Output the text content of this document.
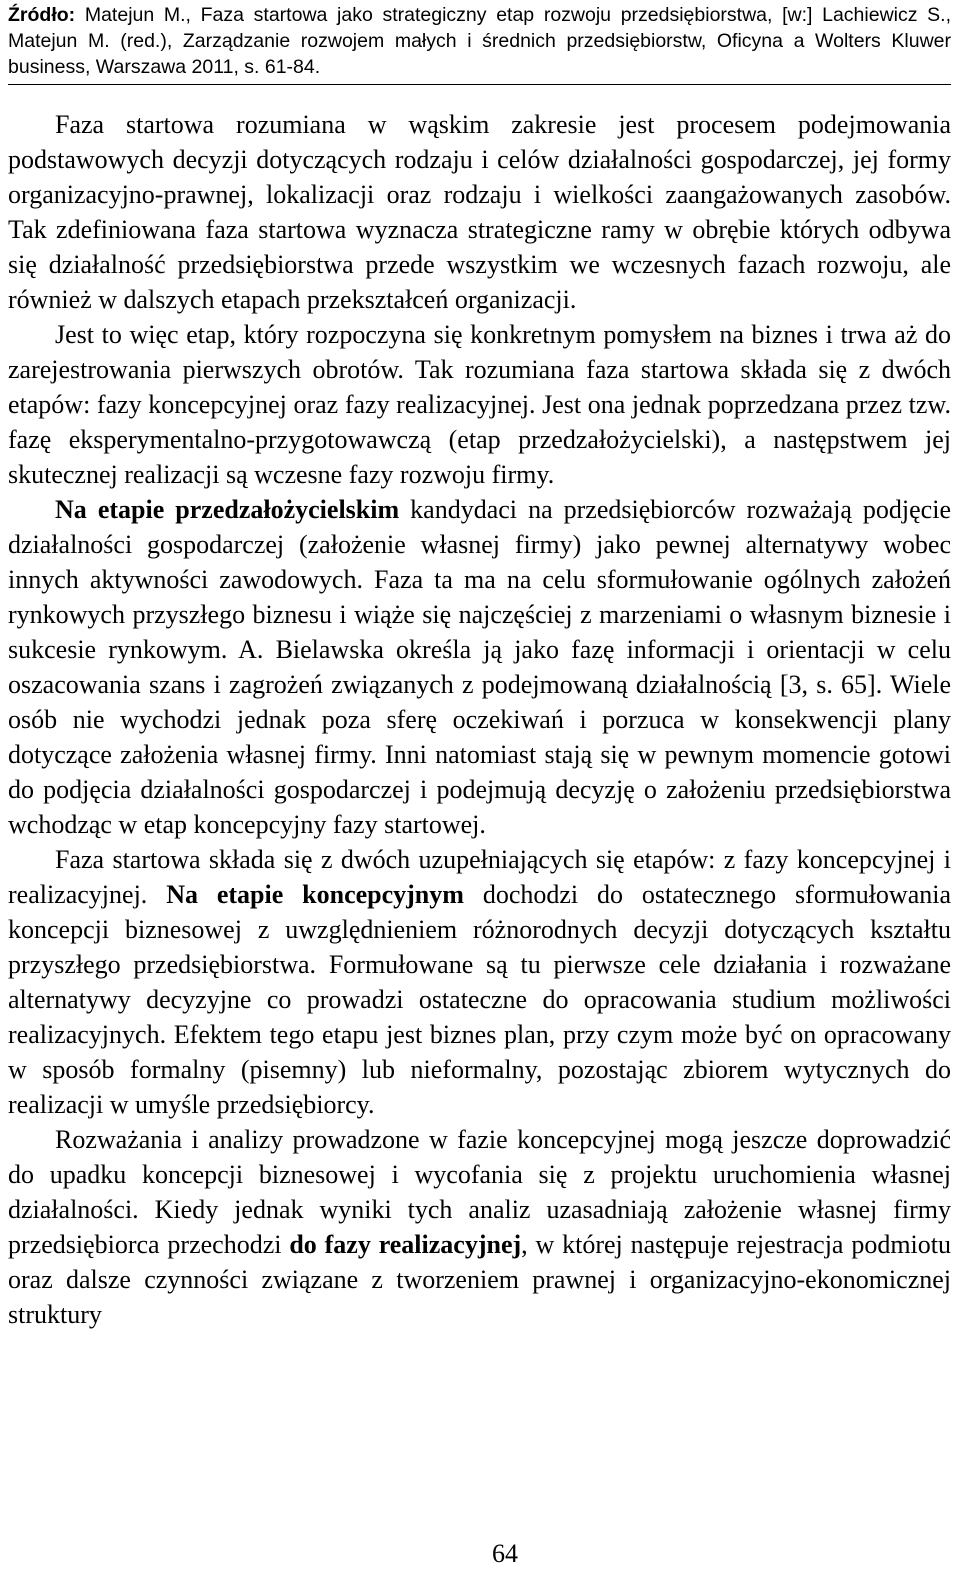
Źródło: Matejun M., Faza startowa jako strategiczny etap rozwoju przedsiębiorstwa, [w:] Lachiewicz S., Matejun M. (red.), Zarządzanie rozwojem małych i średnich przedsiębiorstw, Oficyna a Wolters Kluwer business, Warszawa 2011, s. 61-84.

Faza startowa rozumiana w wąskim zakresie jest procesem podejmowania podstawowych decyzji dotyczących rodzaju i celów działalności gospodarczej, jej formy organizacyjno-prawnej, lokalizacji oraz rodzaju i wielkości zaangażowanych zasobów. Tak zdefiniowana faza startowa wyznacza strategiczne ramy w obrębie których odbywa się działalność przedsiębiorstwa przede wszystkim we wczesnych fazach rozwoju, ale również w dalszych etapach przekształceń organizacji.

Jest to więc etap, który rozpoczyna się konkretnym pomysłem na biznes i trwa aż do zarejestrowania pierwszych obrotów. Tak rozumiana faza startowa składa się z dwóch etapów: fazy koncepcyjnej oraz fazy realizacyjnej. Jest ona jednak poprzedzana przez tzw. fazę eksperymentalno-przygotowawczą (etap przedzałożycielski), a następstwem jej skutecznej realizacji są wczesne fazy rozwoju firmy.

Na etapie przedzałożycielskim kandydaci na przedsiębiorców rozważają podjęcie działalności gospodarczej (założenie własnej firmy) jako pewnej alternatywy wobec innych aktywności zawodowych. Faza ta ma na celu sformułowanie ogólnych założeń rynkowych przyszłego biznesu i wiąże się najczęściej z marzeniami o własnym biznesie i sukcesie rynkowym. A. Bielawska określa ją jako fazę informacji i orientacji w celu oszacowania szans i zagrożeń związanych z podejmowaną działalnością [3, s. 65]. Wiele osób nie wychodzi jednak poza sferę oczekiwań i porzuca w konsekwencji plany dotyczące założenia własnej firmy. Inni natomiast stają się w pewnym momencie gotowi do podjęcia działalności gospodarczej i podejmują decyzję o założeniu przedsiębiorstwa wchodząc w etap koncepcyjny fazy startowej.

Faza startowa składa się z dwóch uzupełniających się etapów: z fazy koncepcyjnej i realizacyjnej. Na etapie koncepcyjnym dochodzi do ostatecznego sformułowania koncepcji biznesowej z uwzględnieniem różnorodnych decyzji dotyczących kształtu przyszłego przedsiębiorstwa. Formułowane są tu pierwsze cele działania i rozważane alternatywy decyzyjne co prowadzi ostateczne do opracowania studium możliwości realizacyjnych. Efektem tego etapu jest biznes plan, przy czym może być on opracowany w sposób formalny (pisemny) lub nieformalny, pozostając zbiorem wytycznych do realizacji w umyśle przedsiębiorcy.

Rozważania i analizy prowadzone w fazie koncepcyjnej mogą jeszcze doprowadzić do upadku koncepcji biznesowej i wycofania się z projektu uruchomienia własnej działalności. Kiedy jednak wyniki tych analiz uzasadniają założenie własnej firmy przedsiębiorca przechodzi do fazy realizacyjnej, w której następuje rejestracja podmiotu oraz dalsze czynności związane z tworzeniem prawnej i organizacyjno-ekonomicznej struktury

64
